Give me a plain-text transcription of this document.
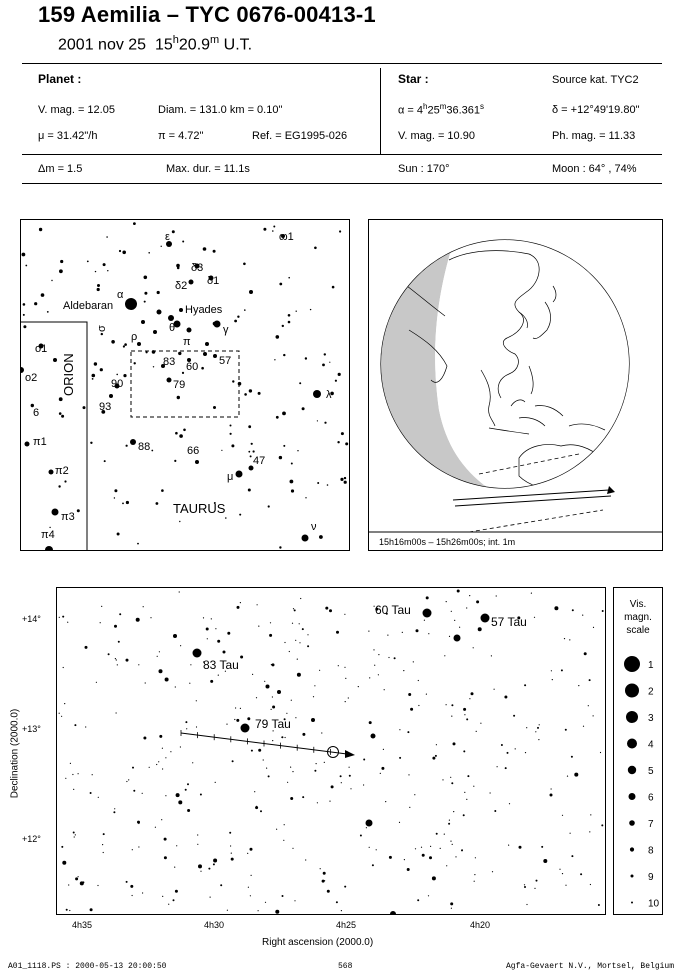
159 Aemilia – TYC 0676-00413-1
2001 nov 25 15$^h$20.9$^m$ U.T.
Planet :
V. mag. = 12.05	Diam. = 131.0 km = 0.10"
μ = 31.42"/h	π = 4.72"	Ref. = EG1995-026
Star :	Source kat. TYC2
$\alpha = 4^h25^m36.361^s$	δ = +12°49'19.80"
V. mag. = 10.90	Ph. mag. = 11.33
Δm = 1.5	Max. dur. = 11.1s	Sun : 170°	Moon : 64° , 74%
ε	ω1
δ3
δ1
δ2
α
Aldebaran	Hyades
γ
θ
ρ	π
83 60 57
79
90
93
88	66
47
μ
λ
ν
TAURUS
o1
o2
6
π1
π2
π3
π4
ORION
σ
15h16m00s – 15h26m00s; int. 1m
60 Tau
57 Tau
83 Tau
79 Tau
+14°
+13°
+12°
4h35	4h30	4h25	4h20
Right ascension (2000.0)
Declination (2000.0)
Vis.
magn.
scale
1
2
3
4
5
6
7
8
9
10
A01_1118.PS : 2000-05-13 20:00:50	568	Agfa-Gevaert N.V., Mortsel, Belgium
